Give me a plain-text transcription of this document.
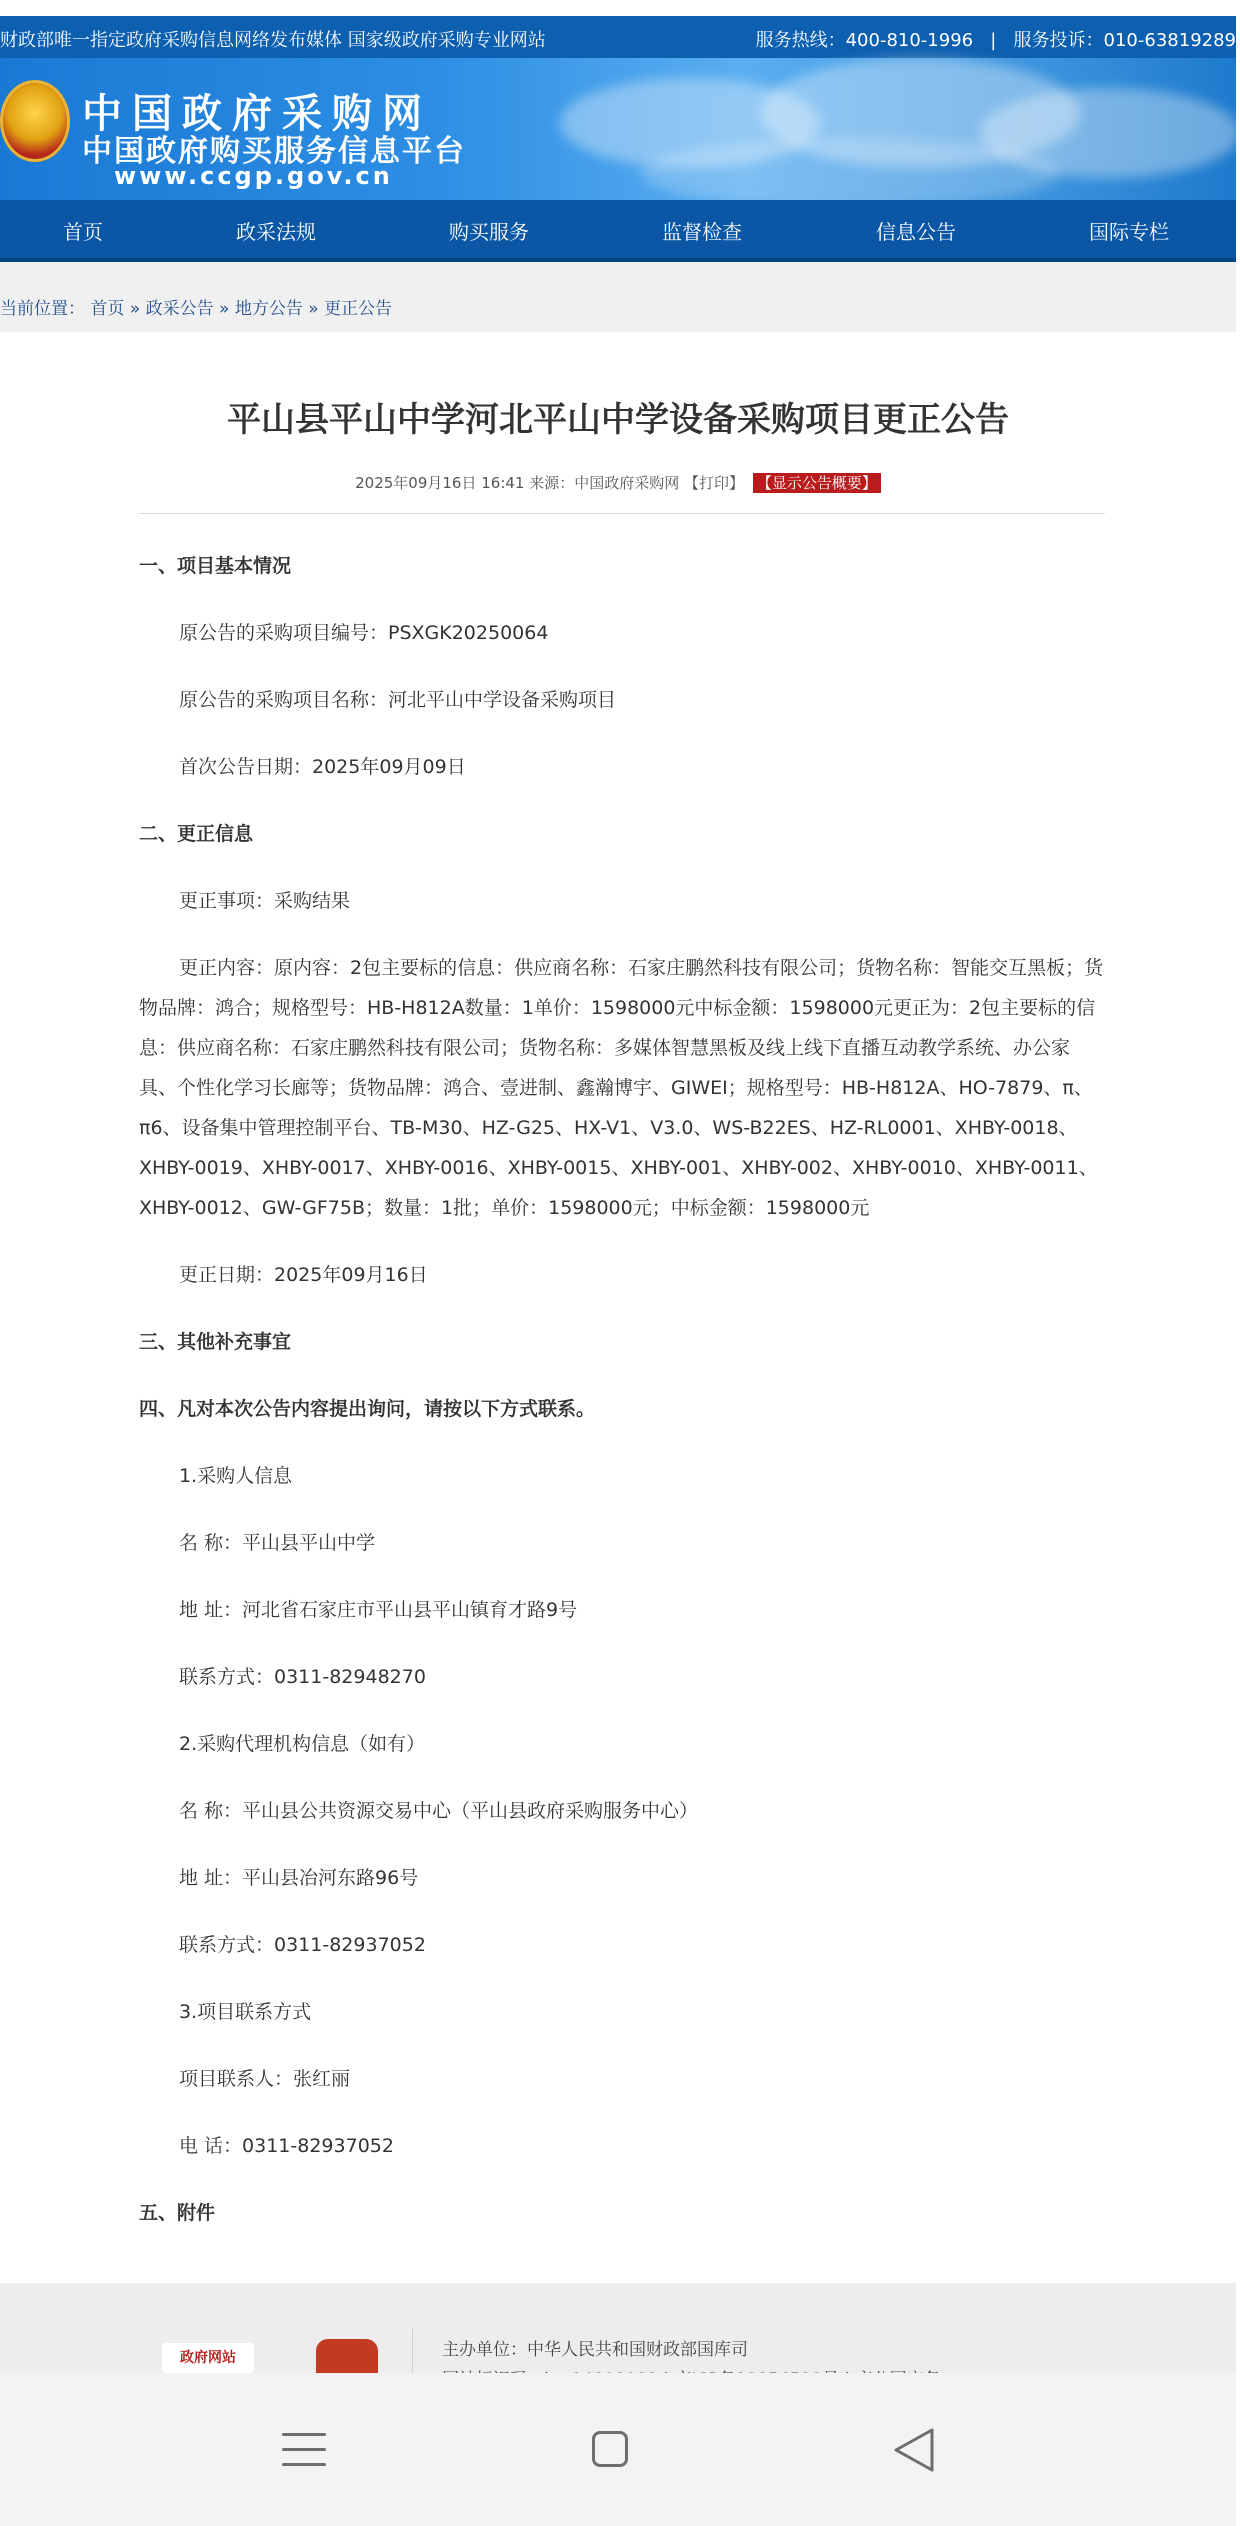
财政部唯一指定政府采购信息网络发布媒体 国家级政府采购专业网站	服务热线：400-810-1996 | 服务投诉：010-63819289
中国政府采购网
中国政府购买服务信息平台
www.ccgp.gov.cn
首页	政采法规	购买服务	监督检查	信息公告	国际专栏
当前位置： 首页 » 政采公告 » 地方公告 » 更正公告
平山县平山中学河北平山中学设备采购项目更正公告
2025年09月16日 16:41 来源：中国政府采购网 【打印】 【显示公告概要】
一、项目基本情况
原公告的采购项目编号：PSXGK20250064
原公告的采购项目名称：河北平山中学设备采购项目
首次公告日期：2025年09月09日
二、更正信息
更正事项：采购结果
更正内容：原内容：2包主要标的信息：供应商名称：石家庄鹏然科技有限公司；货物名称：智能交互黑板；货物品牌：鸿合；规格型号：HB-H812A数量：1单价：1598000元中标金额：1598000元更正为：2包主要标的信息：供应商名称：石家庄鹏然科技有限公司；货物名称：多媒体智慧黑板及线上线下直播互动教学系统、办公家具、个性化学习长廊等；货物品牌：鸿合、壹进制、鑫瀚博宇、GIWEI；规格型号：HB-H812A、HO-7879、π、π6、设备集中管理控制平台、TB-M30、HZ-G25、HX-V1、V3.0、WS-B22ES、HZ-RL0001、XHBY-0018、XHBY-0019、XHBY-0017、XHBY-0016、XHBY-0015、XHBY-001、XHBY-002、XHBY-0010、XHBY-0011、XHBY-0012、GW-GF75B；数量：1批；单价：1598000元；中标金额：1598000元
更正日期：2025年09月16日
三、其他补充事宜
四、凡对本次公告内容提出询问，请按以下方式联系。
1.采购人信息
名 称：平山县平山中学
地 址：河北省石家庄市平山县平山镇育才路9号
联系方式：0311-82948270
2.采购代理机构信息（如有）
名 称：平山县公共资源交易中心（平山县政府采购服务中心）
地 址：平山县冶河东路96号
联系方式：0311-82937052
3.项目联系方式
项目联系人：张红丽
电 话：0311-82937052
五、附件
政府网站	主办单位：中华人民共和国财政部国库司
